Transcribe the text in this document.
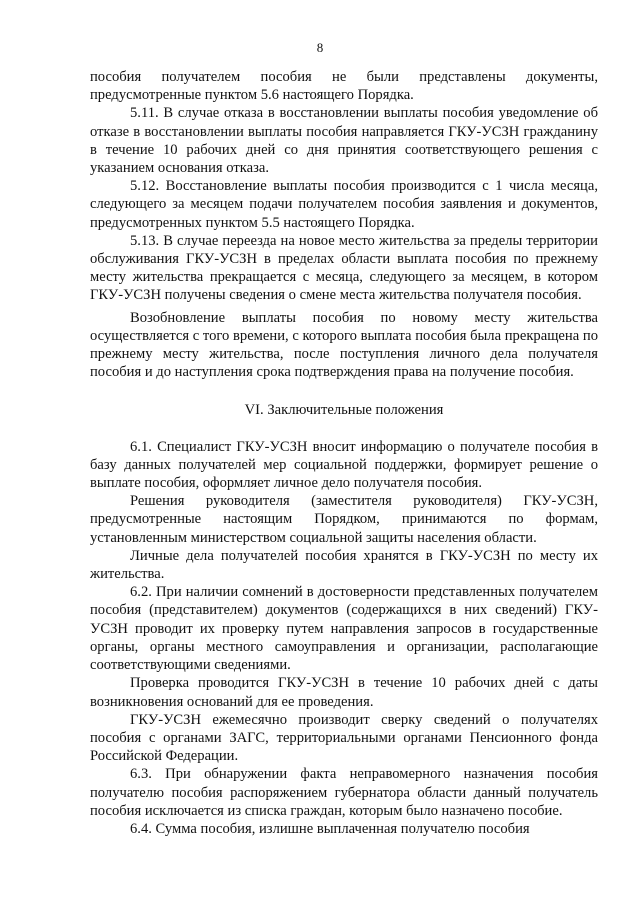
8

пособия получателем пособия не были представлены документы, предусмотренные пунктом 5.6 настоящего Порядка.

5.11. В случае отказа в восстановлении выплаты пособия уведомление об отказе в восстановлении выплаты пособия направляется ГКУ-УСЗН гражданину в течение 10 рабочих дней со дня принятия соответствующего решения с указанием основания отказа.

5.12. Восстановление выплаты пособия производится с 1 числа месяца, следующего за месяцем подачи получателем пособия заявления и документов, предусмотренных пунктом 5.5 настоящего Порядка.

5.13. В случае переезда на новое место жительства за пределы территории обслуживания ГКУ-УСЗН в пределах области выплата пособия по прежнему месту жительства прекращается с месяца, следующего за месяцем, в котором ГКУ-УСЗН получены сведения о смене места жительства получателя пособия.

Возобновление выплаты пособия по новому месту жительства осуществляется с того времени, с которого выплата пособия была прекращена по прежнему месту жительства, после поступления личного дела получателя пособия и до наступления срока подтверждения права на получение пособия.

VI. Заключительные положения

6.1. Специалист ГКУ-УСЗН вносит информацию о получателе пособия в базу данных получателей мер социальной поддержки, формирует решение о выплате пособия, оформляет личное дело получателя пособия.

Решения руководителя (заместителя руководителя) ГКУ-УСЗН, предусмотренные настоящим Порядком, принимаются по формам, установленным министерством социальной защиты населения области.

Личные дела получателей пособия хранятся в ГКУ-УСЗН по месту их жительства.

6.2. При наличии сомнений в достоверности представленных получателем пособия (представителем) документов (содержащихся в них сведений) ГКУ-УСЗН проводит их проверку путем направления запросов в государственные органы, органы местного самоуправления и организации, располагающие соответствующими сведениями.

Проверка проводится ГКУ-УСЗН в течение 10 рабочих дней с даты возникновения оснований для ее проведения.

ГКУ-УСЗН ежемесячно производит сверку сведений о получателях пособия с органами ЗАГС, территориальными органами Пенсионного фонда Российской Федерации.

6.3. При обнаружении факта неправомерного назначения пособия получателю пособия распоряжением губернатора области данный получатель пособия исключается из списка граждан, которым было назначено пособие.

6.4. Сумма пособия, излишне выплаченная получателю пособия
